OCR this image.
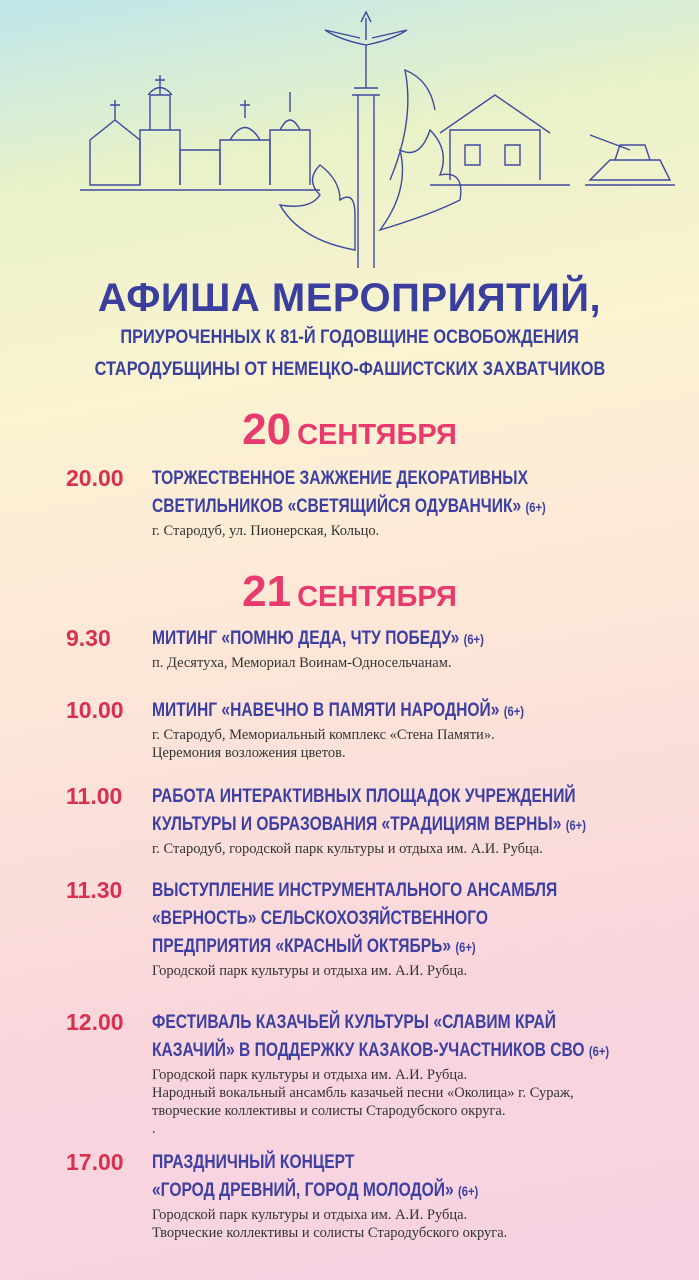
АФИША МЕРОПРИЯТИЙ,
ПРИУРОЧЕННЫХ К 81-Й ГОДОВЩИНЕ ОСВОБОЖДЕНИЯ
СТАРОДУБЩИНЫ ОТ НЕМЕЦКО-ФАШИСТСКИХ ЗАХВАТЧИКОВ
20 СЕНТЯБРЯ
20.00	ТОРЖЕСТВЕННОЕ ЗАЖЖЕНИЕ ДЕКОРАТИВНЫХ
СВЕТИЛЬНИКОВ «СВЕТЯЩИЙСЯ ОДУВАНЧИК» (6+)
г. Стародуб, ул. Пионерская, Кольцо.
21 СЕНТЯБРЯ
9.30	МИТИНГ «ПОМНЮ ДЕДА, ЧТУ ПОБЕДУ» (6+)
п. Десятуха, Мемориал Воинам-Односельчанам.
10.00	МИТИНГ «НАВЕЧНО В ПАМЯТИ НАРОДНОЙ» (6+)
г. Стародуб, Мемориальный комплекс «Стена Памяти».
Церемония возложения цветов.
11.00	РАБОТА ИНТЕРАКТИВНЫХ ПЛОЩАДОК УЧРЕЖДЕНИЙ
КУЛЬТУРЫ И ОБРАЗОВАНИЯ «ТРАДИЦИЯМ ВЕРНЫ» (6+)
г. Стародуб, городской парк культуры и отдыха им. А.И. Рубца.
11.30	ВЫСТУПЛЕНИЕ ИНСТРУМЕНТАЛЬНОГО АНСАМБЛЯ
«ВЕРНОСТЬ» СЕЛЬСКОХОЗЯЙСТВЕННОГО
ПРЕДПРИЯТИЯ «КРАСНЫЙ ОКТЯБРЬ» (6+)
Городской парк культуры и отдыха им. А.И. Рубца.
12.00	ФЕСТИВАЛЬ КАЗАЧЬЕЙ КУЛЬТУРЫ «СЛАВИМ КРАЙ
КАЗАЧИЙ» В ПОДДЕРЖКУ КАЗАКОВ-УЧАСТНИКОВ СВО (6+)
Городской парк культуры и отдыха им. А.И. Рубца.
Народный вокальный ансамбль казачьей песни «Околица» г. Сураж,
творческие коллективы и солисты Стародубского округа.
.
17.00	ПРАЗДНИЧНЫЙ КОНЦЕРТ
«ГОРОД ДРЕВНИЙ, ГОРОД МОЛОДОЙ» (6+)
Городской парк культуры и отдыха им. А.И. Рубца.
Творческие коллективы и солисты Стародубского округа.
